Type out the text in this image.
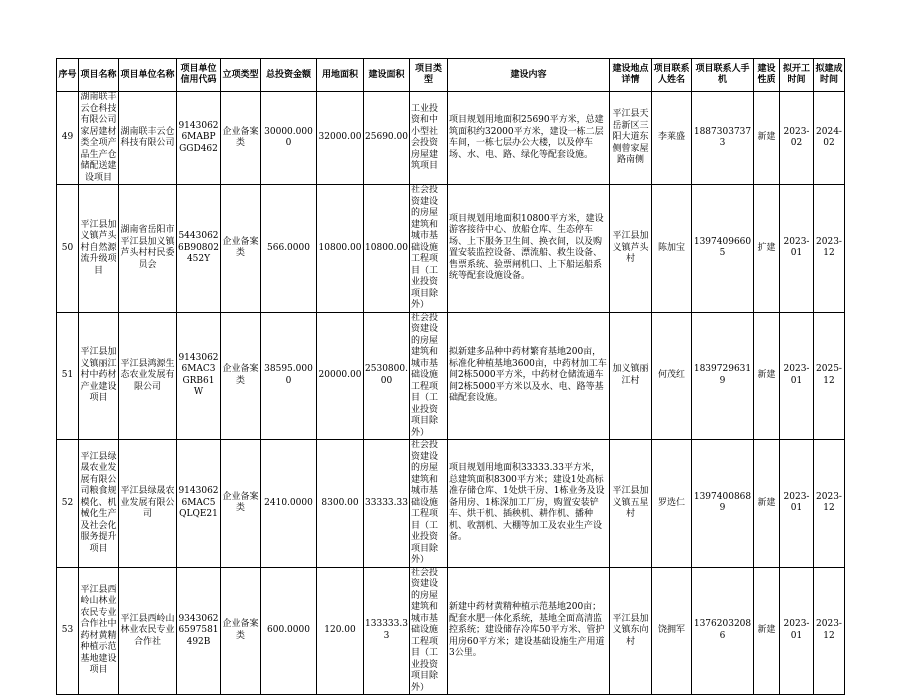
序号	项目名称	项目单位名称	项目单位信用代码	立项类型	总投资金额	用地面积	建设面积	项目类型	建设内容	建设地点详情	项目联系人姓名	项目联系人手机	建设性质	拟开工时间	拟建成时间
49	湖南联丰云仓科技有限公司家居建材类全项产品生产仓储配送建设项目	湖南联丰云仓科技有限公司	91430626MABPGGD462	企业备案类	30000.0000	32000.00	25690.00	工业投资和中小型社会投资房屋建筑项目	项目规划用地面积25690平方米，总建筑面积约32000平方米，建设一栋二层车间，一栋七层办公大楼，以及停车场、水、电、路、绿化等配套设施。	平江县天岳新区三阳大道东侧曾家屋路南侧	李莱盛	18873037373	新建	2023-02	2024-02
50	平江县加义镇芦头村自然源流升级项目	湖南省岳阳市平江县加义镇芦头村村民委员会	54430626B90802452Y	企业备案类	566.0000	10800.00	10800.00	社会投资建设的房屋建筑和城市基础设施工程项目（工业投资项目除外）	项目规划用地面积10800平方米，建设游客接待中心、放船仓库、生态停车场、上下服务卫生间、换衣间，以及购置安装监控设备、漂流船、救生设备、售票系统、验票闸机口、上下船运船系统等配套设施设备。	平江县加义镇芦头村	陈加宝	13974096605	扩建	2023-01	2023-12
51	平江县加义镇丽江村中药材产业建设项目	平江县鸿源生态农业发展有限公司	91430626MAC3GRB61W	企业备案类	38595.0000	20000.00	2530800.00	社会投资建设的房屋建筑和城市基础设施工程项目（工业投资项目除外）	拟新建多品种中药材繁育基地200亩，标准化种植基地3600亩，中药材加工车间2栋5000平方米，中药材仓储流通车间2栋5000平方米以及水、电、路等基础配套设施。	加义镇丽江村	何茂红	18397296319	新建	2023-01	2025-12
52	平江县绿晟农业发展有限公司粮食规模化、机械化生产及社会化服务提升项目	平江县绿晟农业发展有限公司	91430626MAC5QLQE21	企业备案类	2410.0000	8300.00	33333.33	社会投资建设的房屋建筑和城市基础设施工程项目（工业投资项目除外）	项目规划用地面积33333.33平方米，总建筑面积8300平方米；建设1处高标准存储仓库、1处烘干房、1栋业务及设备用房、1栋深加工厂房，购置安装铲车、烘干机、插秧机、耕作机、播种机、收割机、大棚等加工及农业生产设备。	平江县加义镇五星村	罗选仁	13974008689	新建	2023-01	2023-12
53	平江县西岭山林业农民专业合作社中药材黄精种植示范基地建设项目	平江县西岭山林业农民专业合作社	93430626597581492B	企业备案类	600.0000	120.00	133333.33	社会投资建设的房屋建筑和城市基础设施工程项目（工业投资项目除外）	新建中药材黄精种植示范基地200亩；配套水肥一体化系统，基地全面高清监控系统；建设储存冷库50平方米、管护用房60平方米；建设基础设施生产用道3公里。	平江县加义镇东向村	饶拥军	13762032086	新建	2023-01	2023-12
